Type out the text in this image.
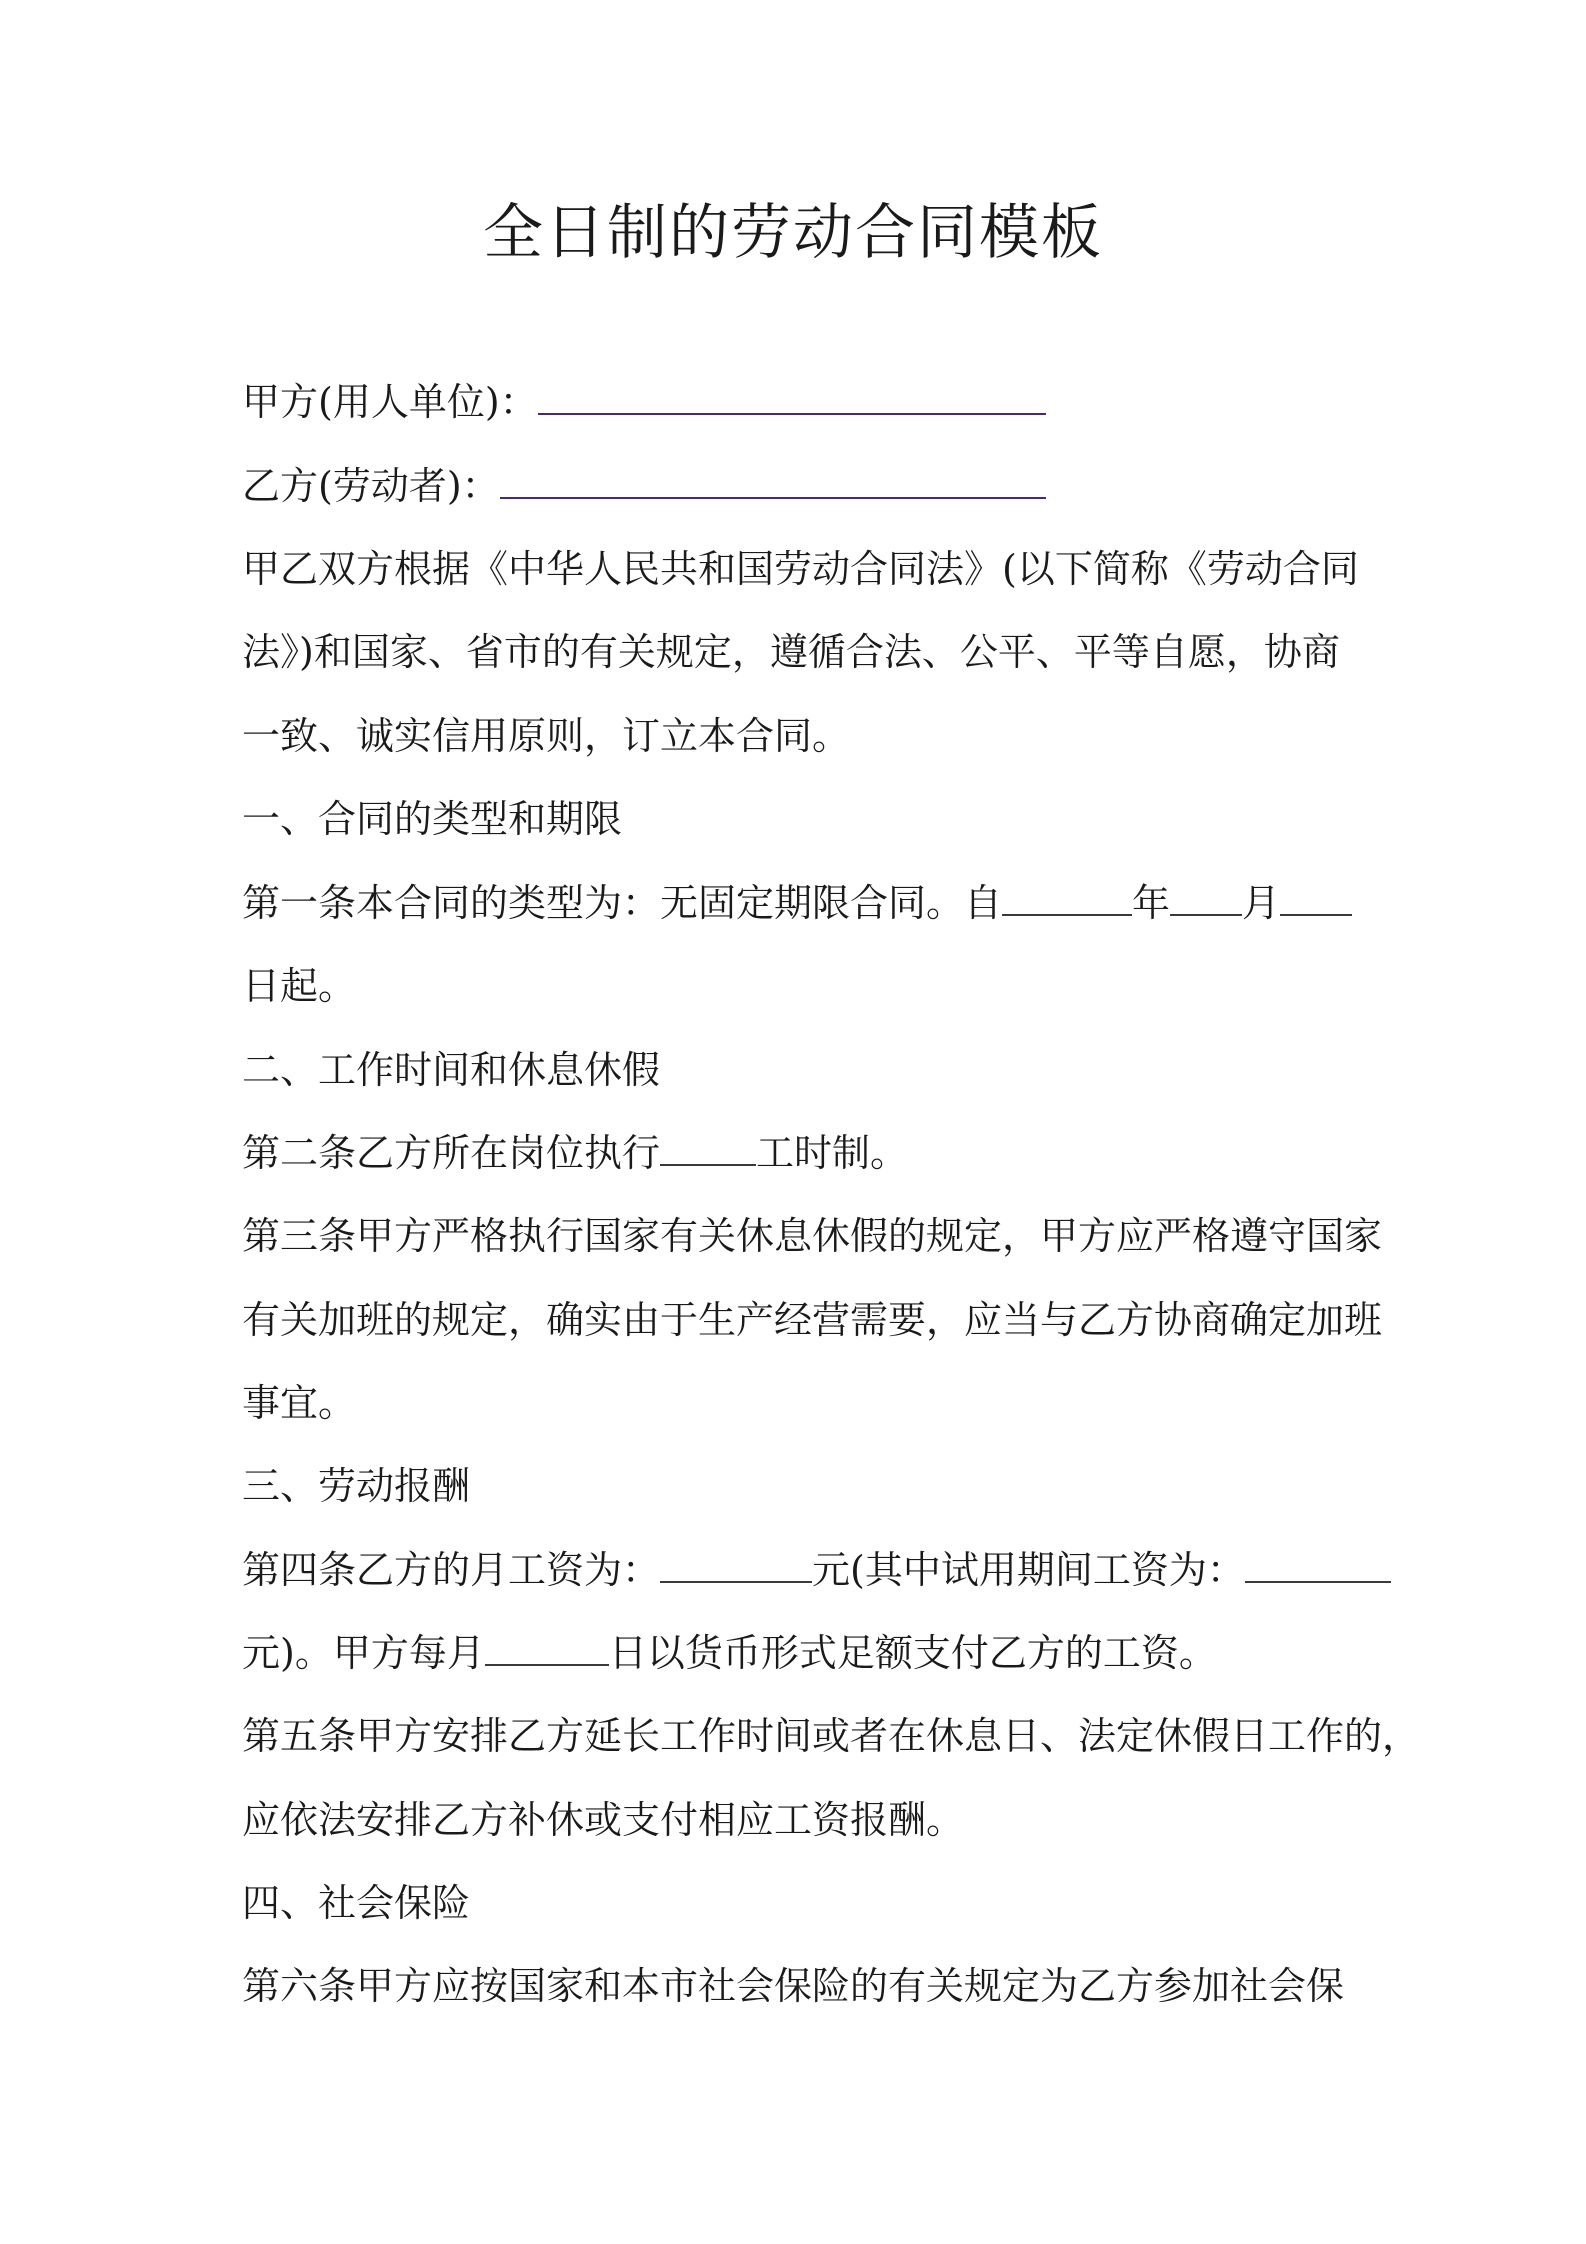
全日制的劳动合同模板
甲方(用人单位)：
乙方(劳动者)：
甲乙双方根据《中华人民共和国劳动合同法》(以下简称《劳动合同
法》)和国家、省市的有关规定，遵循合法、公平、平等自愿，协商
一致、诚实信用原则，订立本合同。
一、合同的类型和期限
第一条本合同的类型为：无固定期限合同。自	年 月
日起。
二、工作时间和休息休假
第二条乙方所在岗位执行	工时制。
第三条甲方严格执行国家有关休息休假的规定，甲方应严格遵守国家
有关加班的规定，确实由于生产经营需要，应当与乙方协商确定加班
事宜。
三、劳动报酬
第四条乙方的月工资为：	元(其中试用期间工资为：
元)。甲方每月	日以货币形式足额支付乙方的工资。
第五条甲方安排乙方延长工作时间或者在休息日、法定休假日工作的，
应依法安排乙方补休或支付相应工资报酬。
四、社会保险
第六条甲方应按国家和本市社会保险的有关规定为乙方参加社会保
